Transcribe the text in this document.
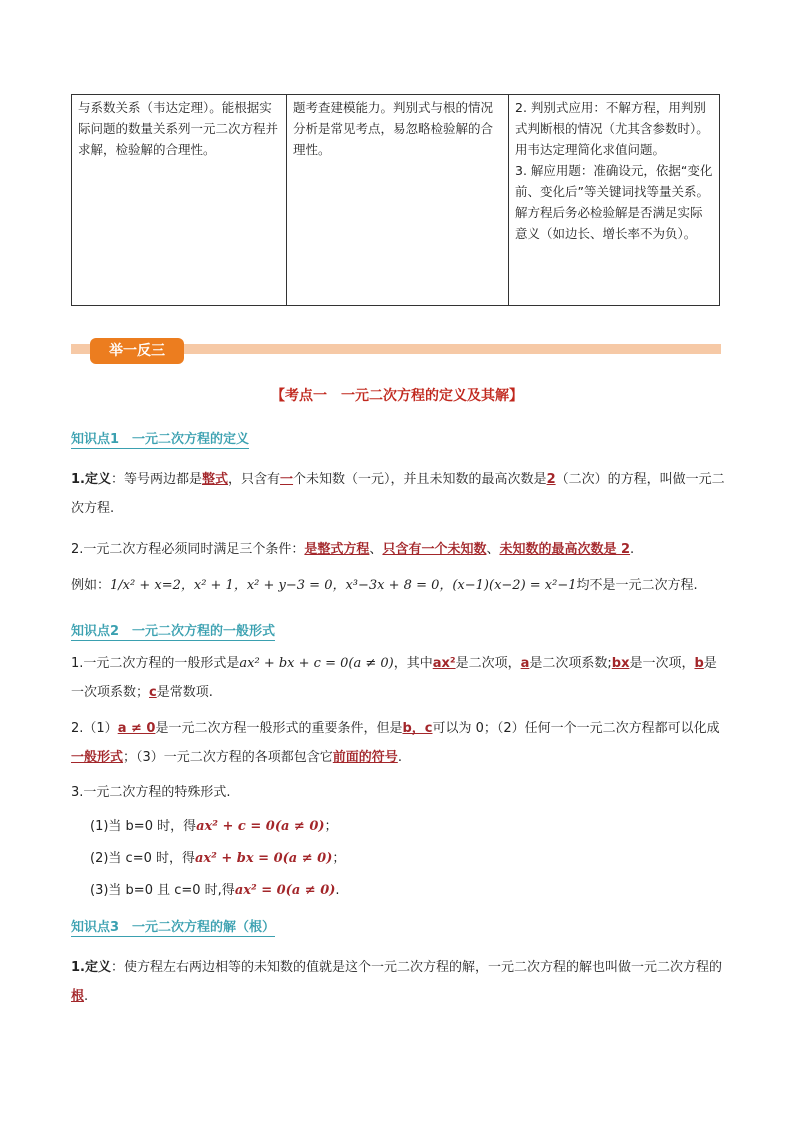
与系数关系（韦达定理）。能根据实际问题的数量关系列一元二次方程并求解，检验解的合理性。
题考查建模能力。判别式与根的情况分析是常见考点，易忽略检验解的合理性。

2. 判别式应用：不解方程，用判别式判断根的情况（尤其含参数时）。用韦达定理简化求值问题。

3. 解应用题：准确设元，依据“变化前、变化后”等关键词找等量关系。解方程后务必检验解是否满足实际意义（如边长、增长率不为负）。

举一反三
【考点一　一元二次方程的定义及其解】
知识点1　一元二次方程的定义
1.定义：等号两边都是整式，只含有一个未知数（一元），并且未知数的最高次数是2（二次）的方程，叫做一元二次方程.
2.一元二次方程必须同时满足三个条件：是整式方程、只含有一个未知数、未知数的最高次数是 2.
例如：1/x² + x=2，x² + 1，x² + y−3 = 0，x³−3x + 8 = 0，(x−1)(x−2) = x²−1均不是一元二次方程.
知识点2　一元二次方程的一般形式
1.一元二次方程的一般形式是ax² + bx + c = 0(a ≠ 0)，其中ax²是二次项，a是二次项系数;bx是一次项，b是一次项系数；c是常数项.
2.（1）a ≠ 0是一元二次方程一般形式的重要条件，但是b，c可以为 0；（2）任何一个一元二次方程都可以化成一般形式；（3）一元二次方程的各项都包含它前面的符号.
3.一元二次方程的特殊形式.
(1)当 b=0 时，得ax² + c = 0(a ≠ 0)；
(2)当 c=0 时，得ax² + bx = 0(a ≠ 0)；
(3)当 b=0 且 c=0 时,得ax² = 0(a ≠ 0).
知识点3　一元二次方程的解（根）
1.定义：使方程左右两边相等的未知数的值就是这个一元二次方程的解，一元二次方程的解也叫做一元二次方程的根.
